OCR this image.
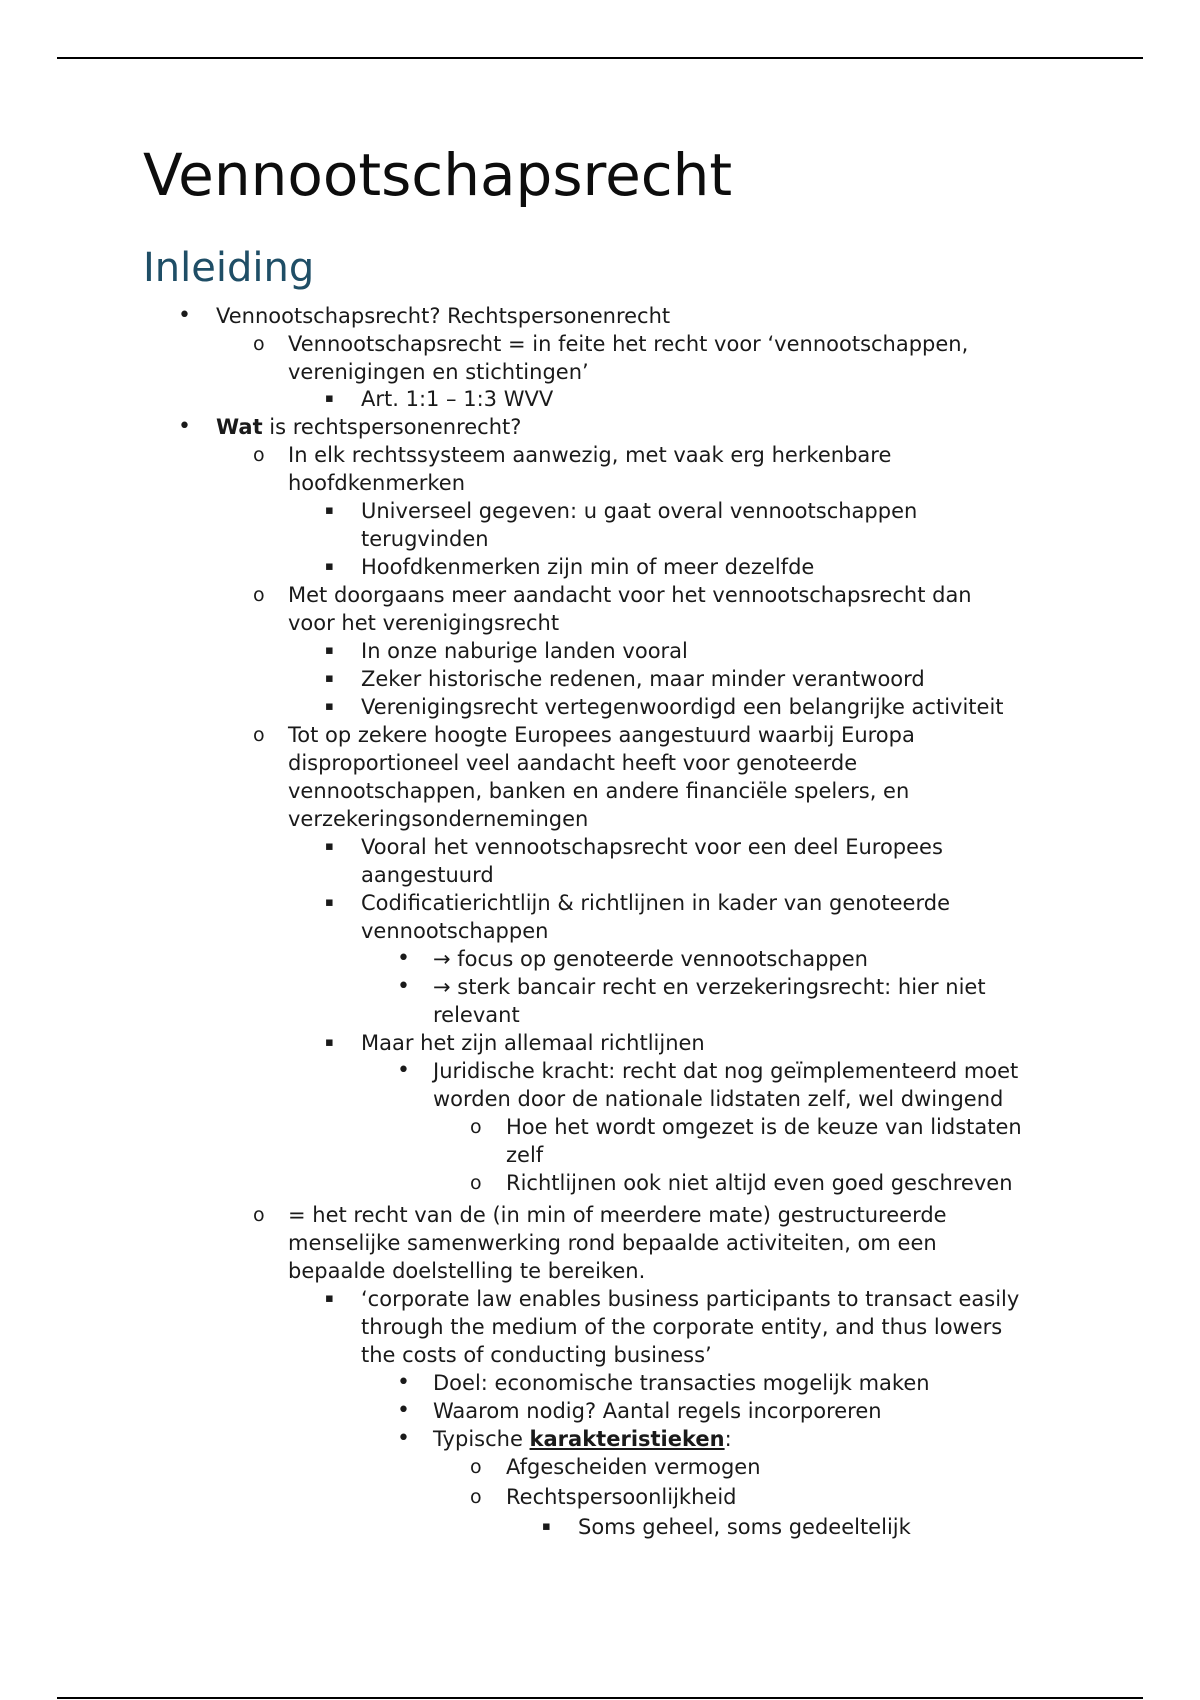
Vennootschapsrecht
Inleiding
• Vennootschapsrecht? Rechtspersonenrecht
o Vennootschapsrecht = in feite het recht voor ‘vennootschappen,
verenigingen en stichtingen’
▪ Art. 1:1 – 1:3 WVV
• Wat is rechtspersonenrecht?
o In elk rechtssysteem aanwezig, met vaak erg herkenbare
hoofdkenmerken
▪ Universeel gegeven: u gaat overal vennootschappen
terugvinden
▪ Hoofdkenmerken zijn min of meer dezelfde
o Met doorgaans meer aandacht voor het vennootschapsrecht dan
voor het verenigingsrecht
▪ In onze naburige landen vooral
▪ Zeker historische redenen, maar minder verantwoord
▪ Verenigingsrecht vertegenwoordigd een belangrijke activiteit
o Tot op zekere hoogte Europees aangestuurd waarbij Europa
disproportioneel veel aandacht heeft voor genoteerde
vennootschappen, banken en andere financiële spelers, en
verzekeringsondernemingen
▪ Vooral het vennootschapsrecht voor een deel Europees
aangestuurd
▪ Codificatierichtlijn & richtlijnen in kader van genoteerde
vennootschappen
• → focus op genoteerde vennootschappen
• → sterk bancair recht en verzekeringsrecht: hier niet
relevant
▪ Maar het zijn allemaal richtlijnen
• Juridische kracht: recht dat nog geïmplementeerd moet
worden door de nationale lidstaten zelf, wel dwingend
o Hoe het wordt omgezet is de keuze van lidstaten
zelf
o Richtlijnen ook niet altijd even goed geschreven
o = het recht van de (in min of meerdere mate) gestructureerde
menselijke samenwerking rond bepaalde activiteiten, om een
bepaalde doelstelling te bereiken.
▪ ‘corporate law enables business participants to transact easily
through the medium of the corporate entity, and thus lowers
the costs of conducting business’
• Doel: economische transacties mogelijk maken
• Waarom nodig? Aantal regels incorporeren
• Typische karakteristieken:
o Afgescheiden vermogen
o Rechtspersoonlijkheid
▪ Soms geheel, soms gedeeltelijk
